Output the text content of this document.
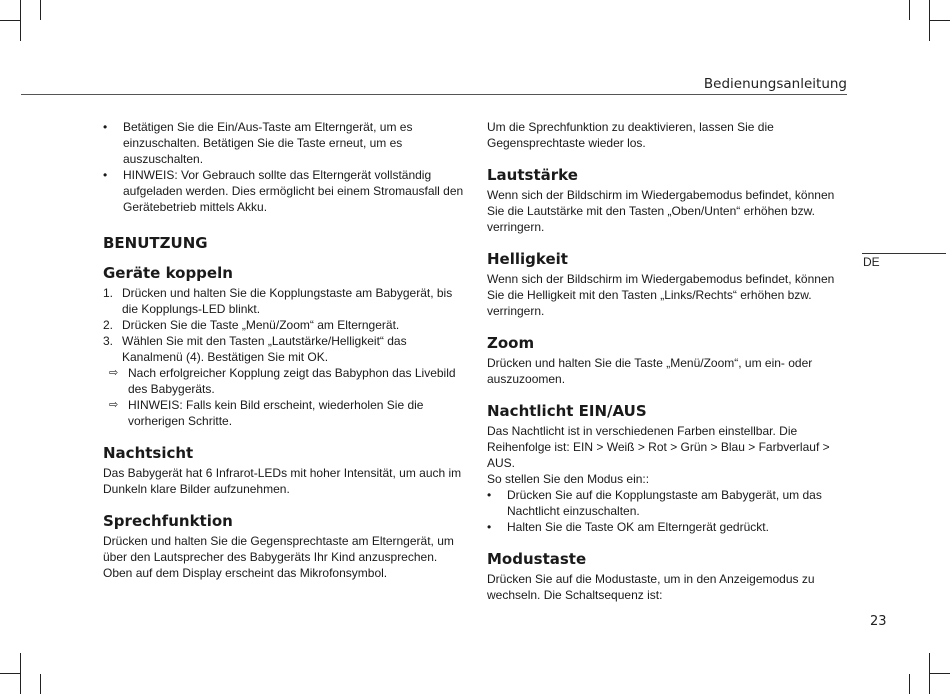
Bedienungsanleitung
DE
• Betätigen Sie die Ein/Aus-Taste am Elterngerät, um es einzuschalten. Betätigen Sie die Taste erneut, um es auszuschalten.
• HINWEIS: Vor Gebrauch sollte das Elterngerät vollständig aufgeladen werden. Dies ermöglicht bei einem Stromausfall den Gerätebetrieb mittels Akku.
BENUTZUNG
Geräte koppeln
1. Drücken und halten Sie die Kopplungstaste am Babygerät, bis die Kopplungs-LED blinkt.
2. Drücken Sie die Taste „Menü/Zoom“ am Elterngerät.
3. Wählen Sie mit den Tasten „Lautstärke/Helligkeit“ das Kanalmenü (4). Bestätigen Sie mit OK.
⇨ Nach erfolgreicher Kopplung zeigt das Babyphon das Livebild des Babygeräts.
⇨ HINWEIS: Falls kein Bild erscheint, wiederholen Sie die vorherigen Schritte.
Nachtsicht

Das Babygerät hat 6 Infrarot-LEDs mit hoher Intensität, um auch im Dunkeln klare Bilder aufzunehmen.

Sprechfunktion

Drücken und halten Sie die Gegensprechtaste am Elterngerät, um über den Lautsprecher des Babygeräts Ihr Kind anzusprechen. Oben auf dem Display erscheint das Mikrofonsymbol.

Um die Sprechfunktion zu deaktivieren, lassen Sie die Gegensprechtaste wieder los.

Lautstärke

Wenn sich der Bildschirm im Wiedergabemodus befindet, können Sie die Lautstärke mit den Tasten „Oben/Unten“ erhöhen bzw. verringern.

Helligkeit

Wenn sich der Bildschirm im Wiedergabemodus befindet, können Sie die Helligkeit mit den Tasten „Links/Rechts“ erhöhen bzw. verringern.

Zoom

Drücken und halten Sie die Taste „Menü/Zoom“, um ein- oder auszuzoomen.

Nachtlicht EIN/AUS

Das Nachtlicht ist in verschiedenen Farben einstellbar. Die Reihenfolge ist: EIN > Weiß > Rot > Grün > Blau > Farbverlauf > AUS.

So stellen Sie den Modus ein::

• Drücken Sie auf die Kopplungstaste am Babygerät, um das Nachtlicht einzuschalten.
• Halten Sie die Taste OK am Elterngerät gedrückt.
Modustaste

Drücken Sie auf die Modustaste, um in den Anzeigemodus zu wechseln. Die Schaltsequenz ist:

23
